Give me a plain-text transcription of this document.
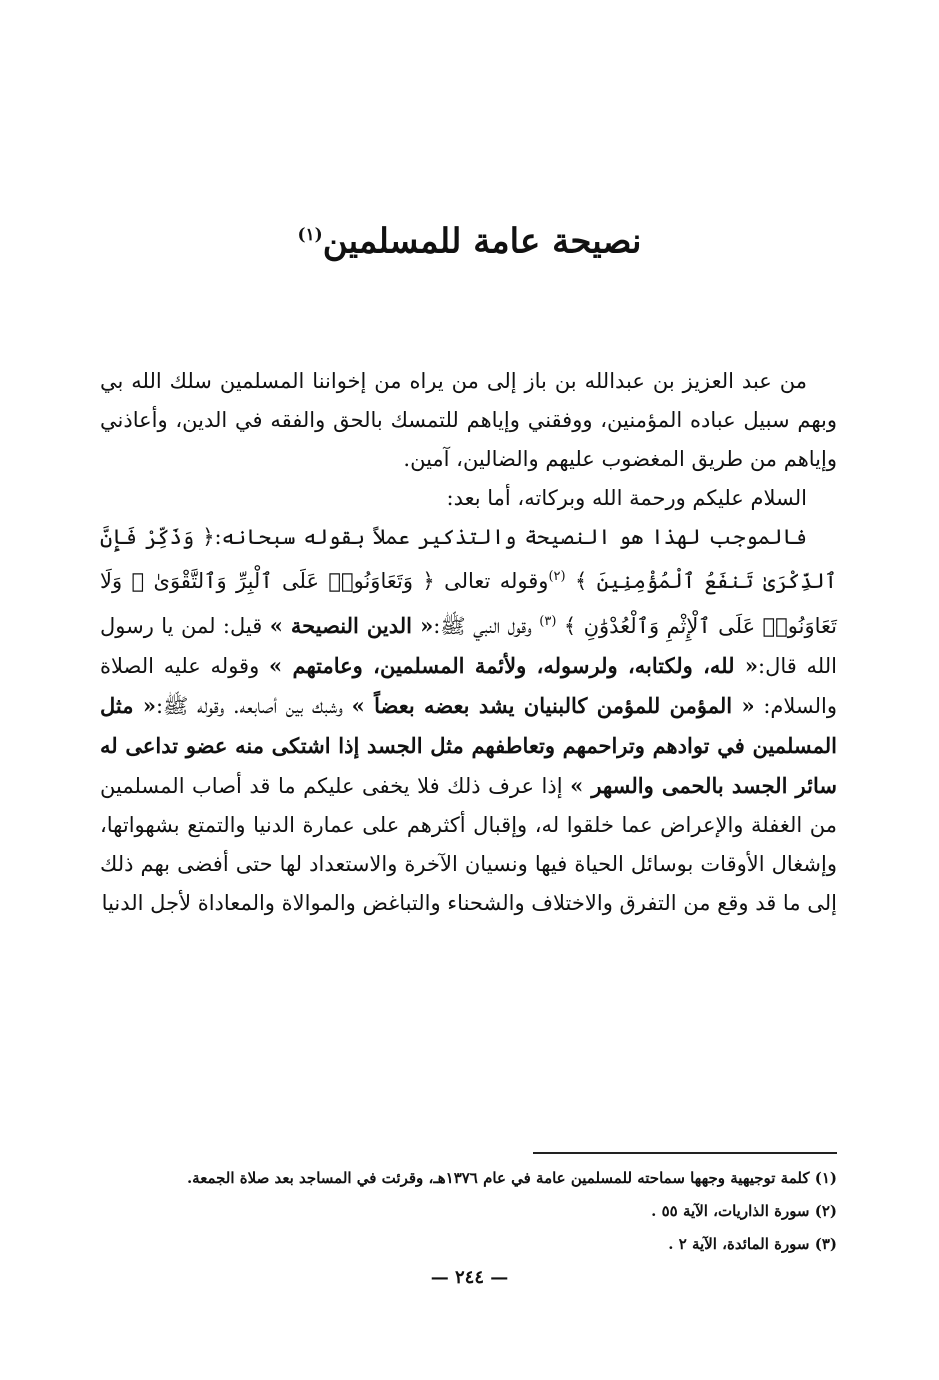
نصيحة عامة للمسلمين$^{(١)}$

من عبد العزيز بن عبدالله بن باز إلى من يراه من إخواننا المسلمين سلك الله بي وبهم سبيل عباده المؤمنين، ووفقني وإياهم للتمسك بالحق والفقه في الدين، وأعاذني وإياهم من طريق المغضوب عليهم والضالين، آمين.

السلام عليكم ورحمة الله وبركاته، أما بعد:

فالموجب لهذا هو النصيحة والتذكير عملاً بقوله سبحانه:﴿ وَذَكِّرْ فَإِنَّ ٱلذِّكْرَىٰ تَنفَعُ ٱلْمُؤْمِنِينَ ﴾ $^{(٢)}$وقوله تعالى ﴿ وَتَعَاوَنُوا۟ عَلَى ٱلْبِرِّ وَٱلتَّقْوَىٰ ۖ وَلَا تَعَاوَنُوا۟ عَلَى ٱلْإِثْمِ وَٱلْعُدْوَٰنِ ﴾ $^{(٣)}$ وقول النبي ﷺ:« الدين النصيحة » قيل: لمن يا رسول الله قال:« لله، ولكتابه، ولرسوله، ولأئمة المسلمين، وعامتهم » وقوله عليه الصلاة والسلام: « المؤمن للمؤمن كالبنيان يشد بعضه بعضاً » وشبك بين أصابعه. وقوله ﷺ:« مثل المسلمين في توادهم وتراحمهم وتعاطفهم مثل الجسد إذا اشتكى منه عضو تداعى له سائر الجسد بالحمى والسهر » إذا عرف ذلك فلا يخفى عليكم ما قد أصاب المسلمين من الغفلة والإعراض عما خلقوا له، وإقبال أكثرهم على عمارة الدنيا والتمتع بشهواتها، وإشغال الأوقات بوسائل الحياة فيها ونسيان الآخرة والاستعداد لها حتى أفضى بهم ذلك إلى ما قد وقع من التفرق والاختلاف والشحناء والتباغض والموالاة والمعاداة لأجل الدنيا

(١) كلمة توجيهية وجهها سماحته للمسلمين عامة في عام ١٣٧٦هـ، وقرئت في المساجد بعد صلاة الجمعة.
(٢) سورة الذاريات، الآية ٥٥ .
(٣) سورة المائدة، الآية ٢ .
— ٢٤٤ —
